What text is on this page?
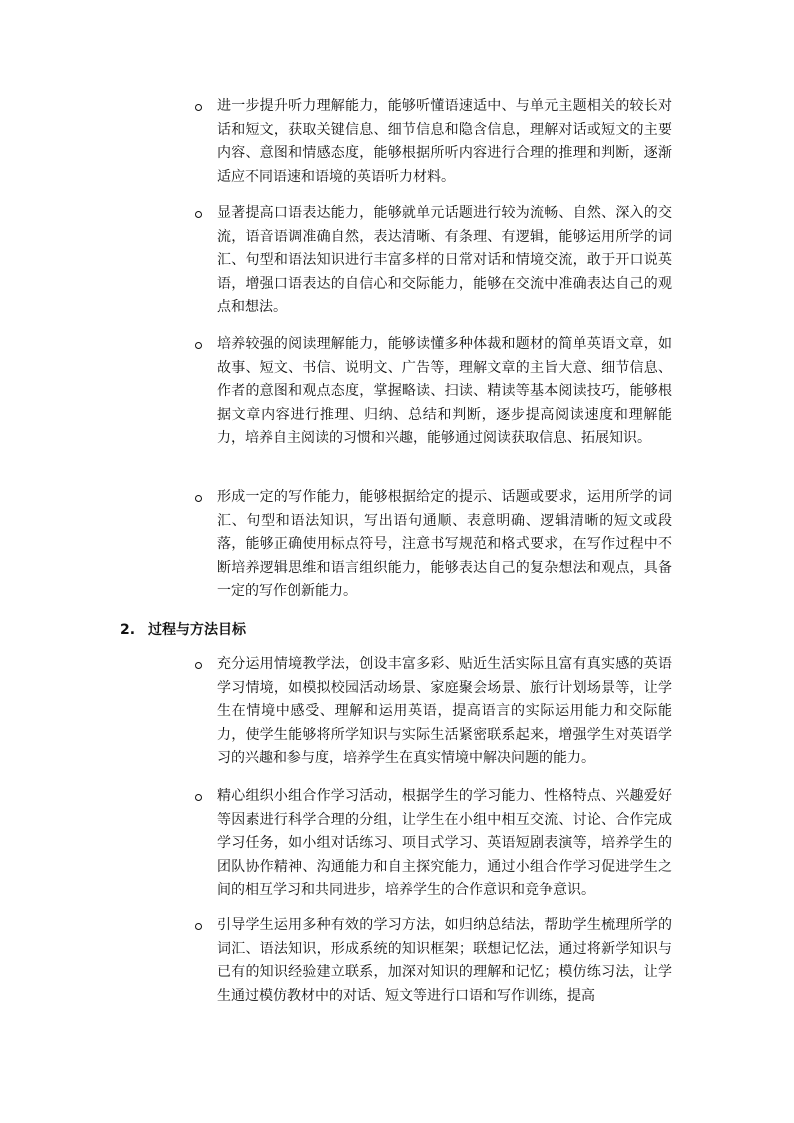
进一步提升听力理解能力，能够听懂语速适中、与单元主题相关的较长对话和短文，获取关键信息、细节信息和隐含信息，理解对话或短文的主要内容、意图和情感态度，能够根据所听内容进行合理的推理和判断，逐渐适应不同语速和语境的英语听力材料。
显著提高口语表达能力，能够就单元话题进行较为流畅、自然、深入的交流，语音语调准确自然，表达清晰、有条理、有逻辑，能够运用所学的词汇、句型和语法知识进行丰富多样的日常对话和情境交流，敢于开口说英语，增强口语表达的自信心和交际能力，能够在交流中准确表达自己的观点和想法。
培养较强的阅读理解能力，能够读懂多种体裁和题材的简单英语文章，如故事、短文、书信、说明文、广告等，理解文章的主旨大意、细节信息、作者的意图和观点态度，掌握略读、扫读、精读等基本阅读技巧，能够根据文章内容进行推理、归纳、总结和判断，逐步提高阅读速度和理解能力，培养自主阅读的习惯和兴趣，能够通过阅读获取信息、拓展知识。
形成一定的写作能力，能够根据给定的提示、话题或要求，运用所学的词汇、句型和语法知识，写出语句通顺、表意明确、逻辑清晰的短文或段落，能够正确使用标点符号，注意书写规范和格式要求，在写作过程中不断培养逻辑思维和语言组织能力，能够表达自己的复杂想法和观点，具备一定的写作创新能力。
2. 过程与方法目标
充分运用情境教学法，创设丰富多彩、贴近生活实际且富有真实感的英语学习情境，如模拟校园活动场景、家庭聚会场景、旅行计划场景等，让学生在情境中感受、理解和运用英语，提高语言的实际运用能力和交际能力，使学生能够将所学知识与实际生活紧密联系起来，增强学生对英语学习的兴趣和参与度，培养学生在真实情境中解决问题的能力。
精心组织小组合作学习活动，根据学生的学习能力、性格特点、兴趣爱好等因素进行科学合理的分组，让学生在小组中相互交流、讨论、合作完成学习任务，如小组对话练习、项目式学习、英语短剧表演等，培养学生的团队协作精神、沟通能力和自主探究能力，通过小组合作学习促进学生之间的相互学习和共同进步，培养学生的合作意识和竞争意识。
引导学生运用多种有效的学习方法，如归纳总结法，帮助学生梳理所学的词汇、语法知识，形成系统的知识框架；联想记忆法，通过将新学知识与已有的知识经验建立联系，加深对知识的理解和记忆；模仿练习法，让学生通过模仿教材中的对话、短文等进行口语和写作训练，提高
